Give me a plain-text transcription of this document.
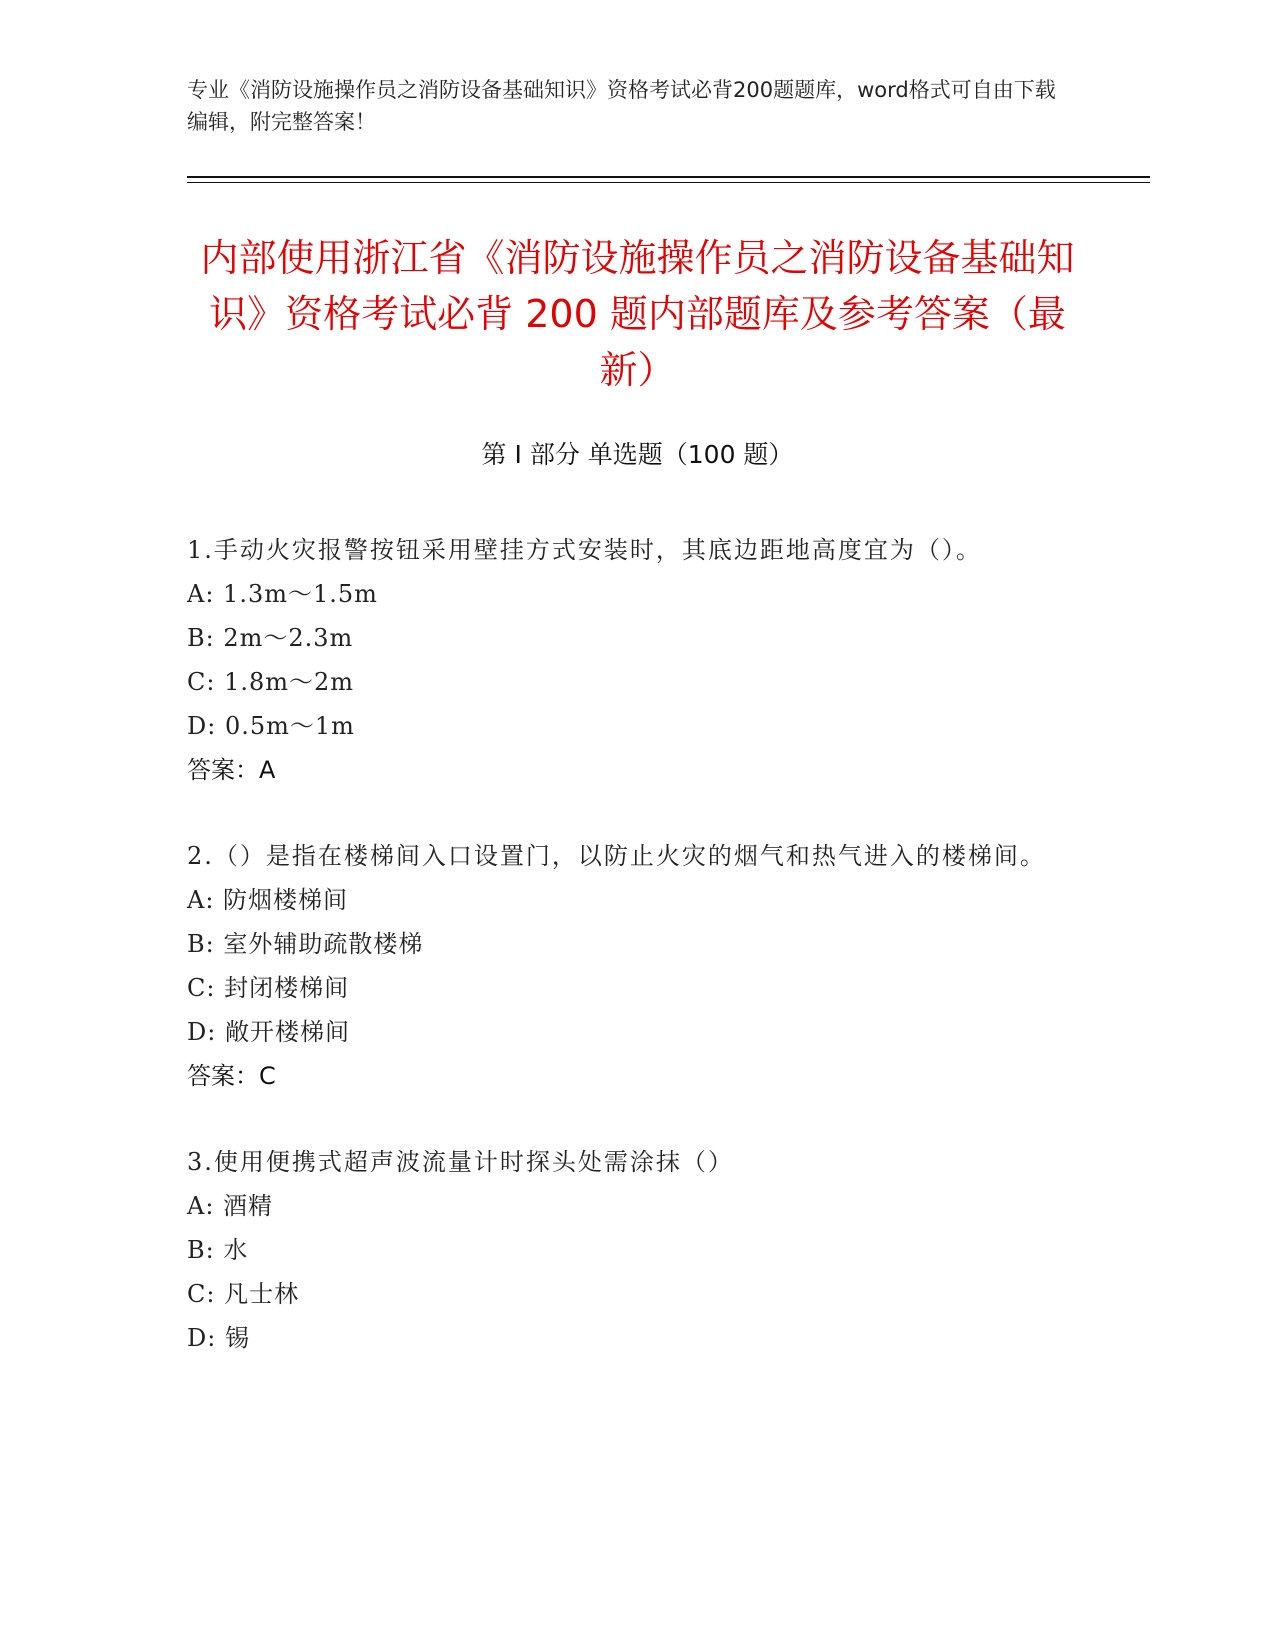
专业《消防设施操作员之消防设备基础知识》资格考试必背200题题库，word格式可自由下载编辑，附完整答案！
内部使用浙江省《消防设施操作员之消防设备基础知识》资格考试必背 200 题内部题库及参考答案（最新）
第 I 部分 单选题（100 题）
1.手动火灾报警按钮采用壁挂方式安装时，其底边距地高度宜为（）。
A: 1.3m～1.5m
B: 2m～2.3m
C: 1.8m～2m
D: 0.5m～1m
答案：A
2.（）是指在楼梯间入口设置门，以防止火灾的烟气和热气进入的楼梯间。
A: 防烟楼梯间
B: 室外辅助疏散楼梯
C: 封闭楼梯间
D: 敞开楼梯间
答案：C
3.使用便携式超声波流量计时探头处需涂抹（）
A: 酒精
B: 水
C: 凡士林
D: 锡
